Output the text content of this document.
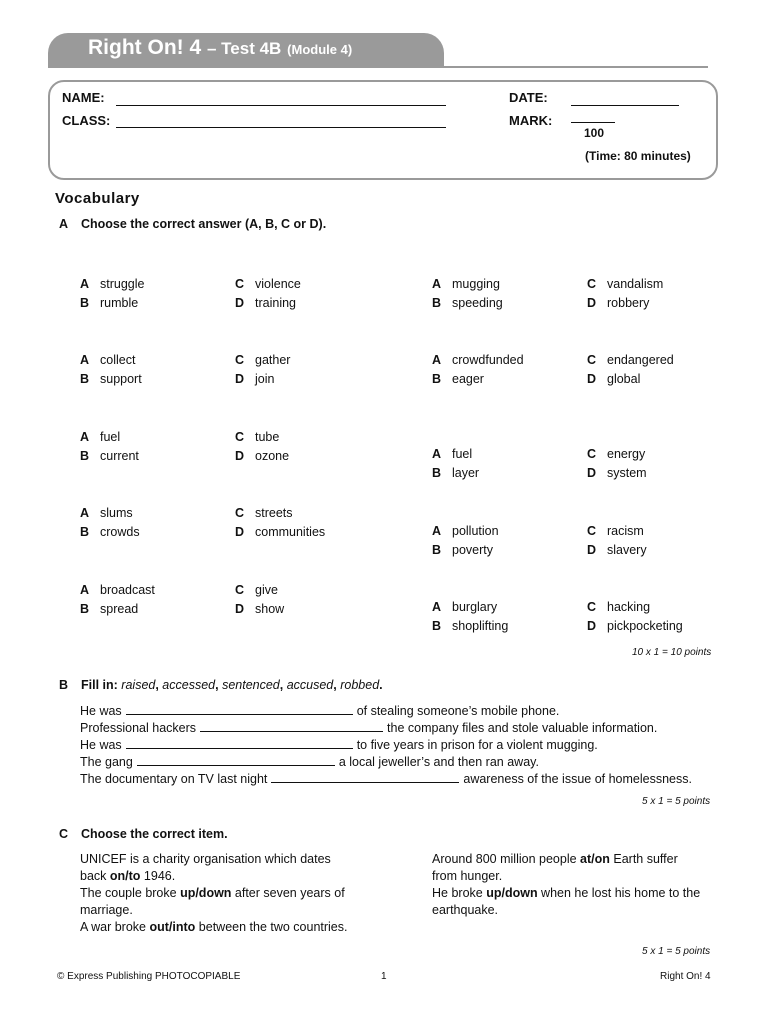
Right On! 4 – Test 4B (Module 4)
NAME:
CLASS:
DATE:
MARK:
100
(Time: 80 minutes)
Vocabulary
A Choose the correct answer (A, B, C or D).
A struggle
B rumble
C violence
D training
A collect
B support
C gather
D join
A fuel
B current
C tube
D ozone
A slums
B crowds
C streets
D communities
A broadcast
B spread
C give
D show
A mugging
B speeding
C vandalism
D robbery
A crowdfunded
B eager
C endangered
D global
A fuel
B layer
C energy
D system
A pollution
B poverty
C racism
D slavery
A burglary
B shoplifting
C hacking
D pickpocketing
10 x 1 = 10 points
B Fill in: raised, accessed, sentenced, accused, robbed.
He was	of stealing someone’s mobile phone.
Professional hackers	the company files and stole valuable information.
He was	to five years in prison for a violent mugging.
The gang	a local jeweller’s and then ran away.
The documentary on TV last night	awareness of the issue of homelessness.
5 x 1 = 5 points
C Choose the correct item.
UNICEF is a charity organisation which dates
back on/to 1946.
The couple broke up/down after seven years of
marriage.
A war broke out/into between the two countries.
Around 800 million people at/on Earth suffer
from hunger.
He broke up/down when he lost his home to the
earthquake.
5 x 1 = 5 points
© Express Publishing PHOTOCOPIABLE	1	Right On! 4
